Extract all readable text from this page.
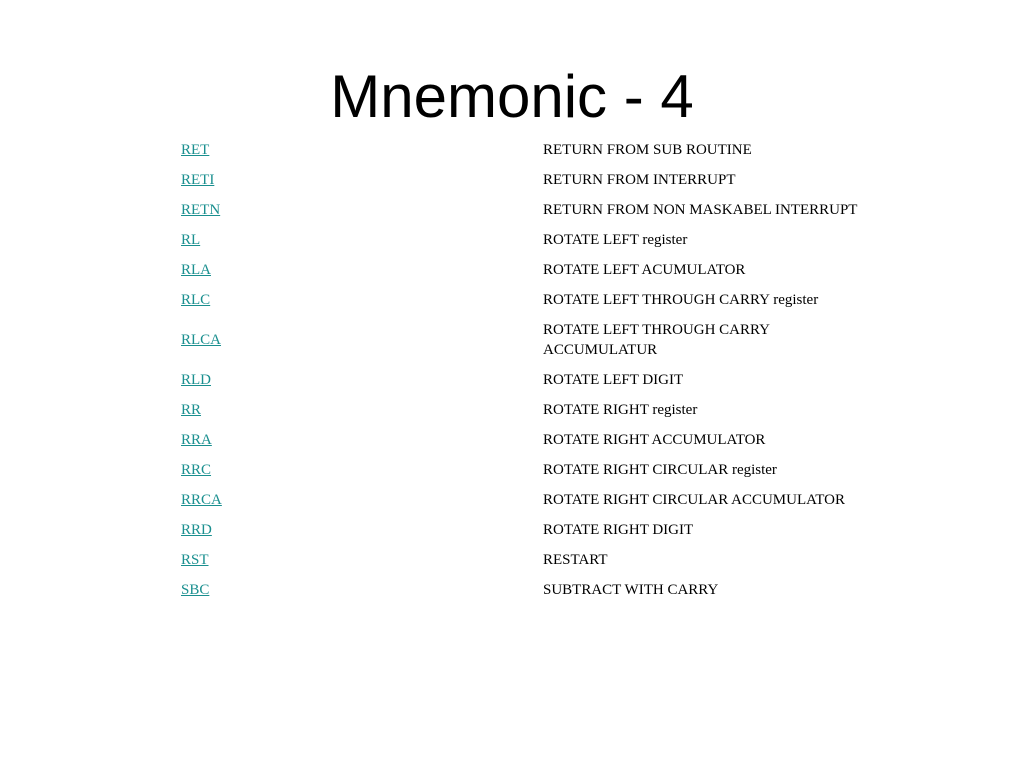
Mnemonic - 4
RET	RETURN FROM SUB ROUTINE
RETI	RETURN FROM INTERRUPT
RETN	RETURN FROM NON MASKABEL INTERRUPT
RL	ROTATE LEFT register
RLA	ROTATE LEFT ACUMULATOR
RLC	ROTATE LEFT THROUGH CARRY register
RLCA	ROTATE LEFT THROUGH CARRY ACCUMULATUR
RLD	ROTATE LEFT DIGIT
RR	ROTATE RIGHT register
RRA	ROTATE RIGHT ACCUMULATOR
RRC	ROTATE RIGHT CIRCULAR register
RRCA	ROTATE RIGHT CIRCULAR ACCUMULATOR
RRD	ROTATE RIGHT DIGIT
RST	RESTART
SBC	SUBTRACT WITH CARRY
